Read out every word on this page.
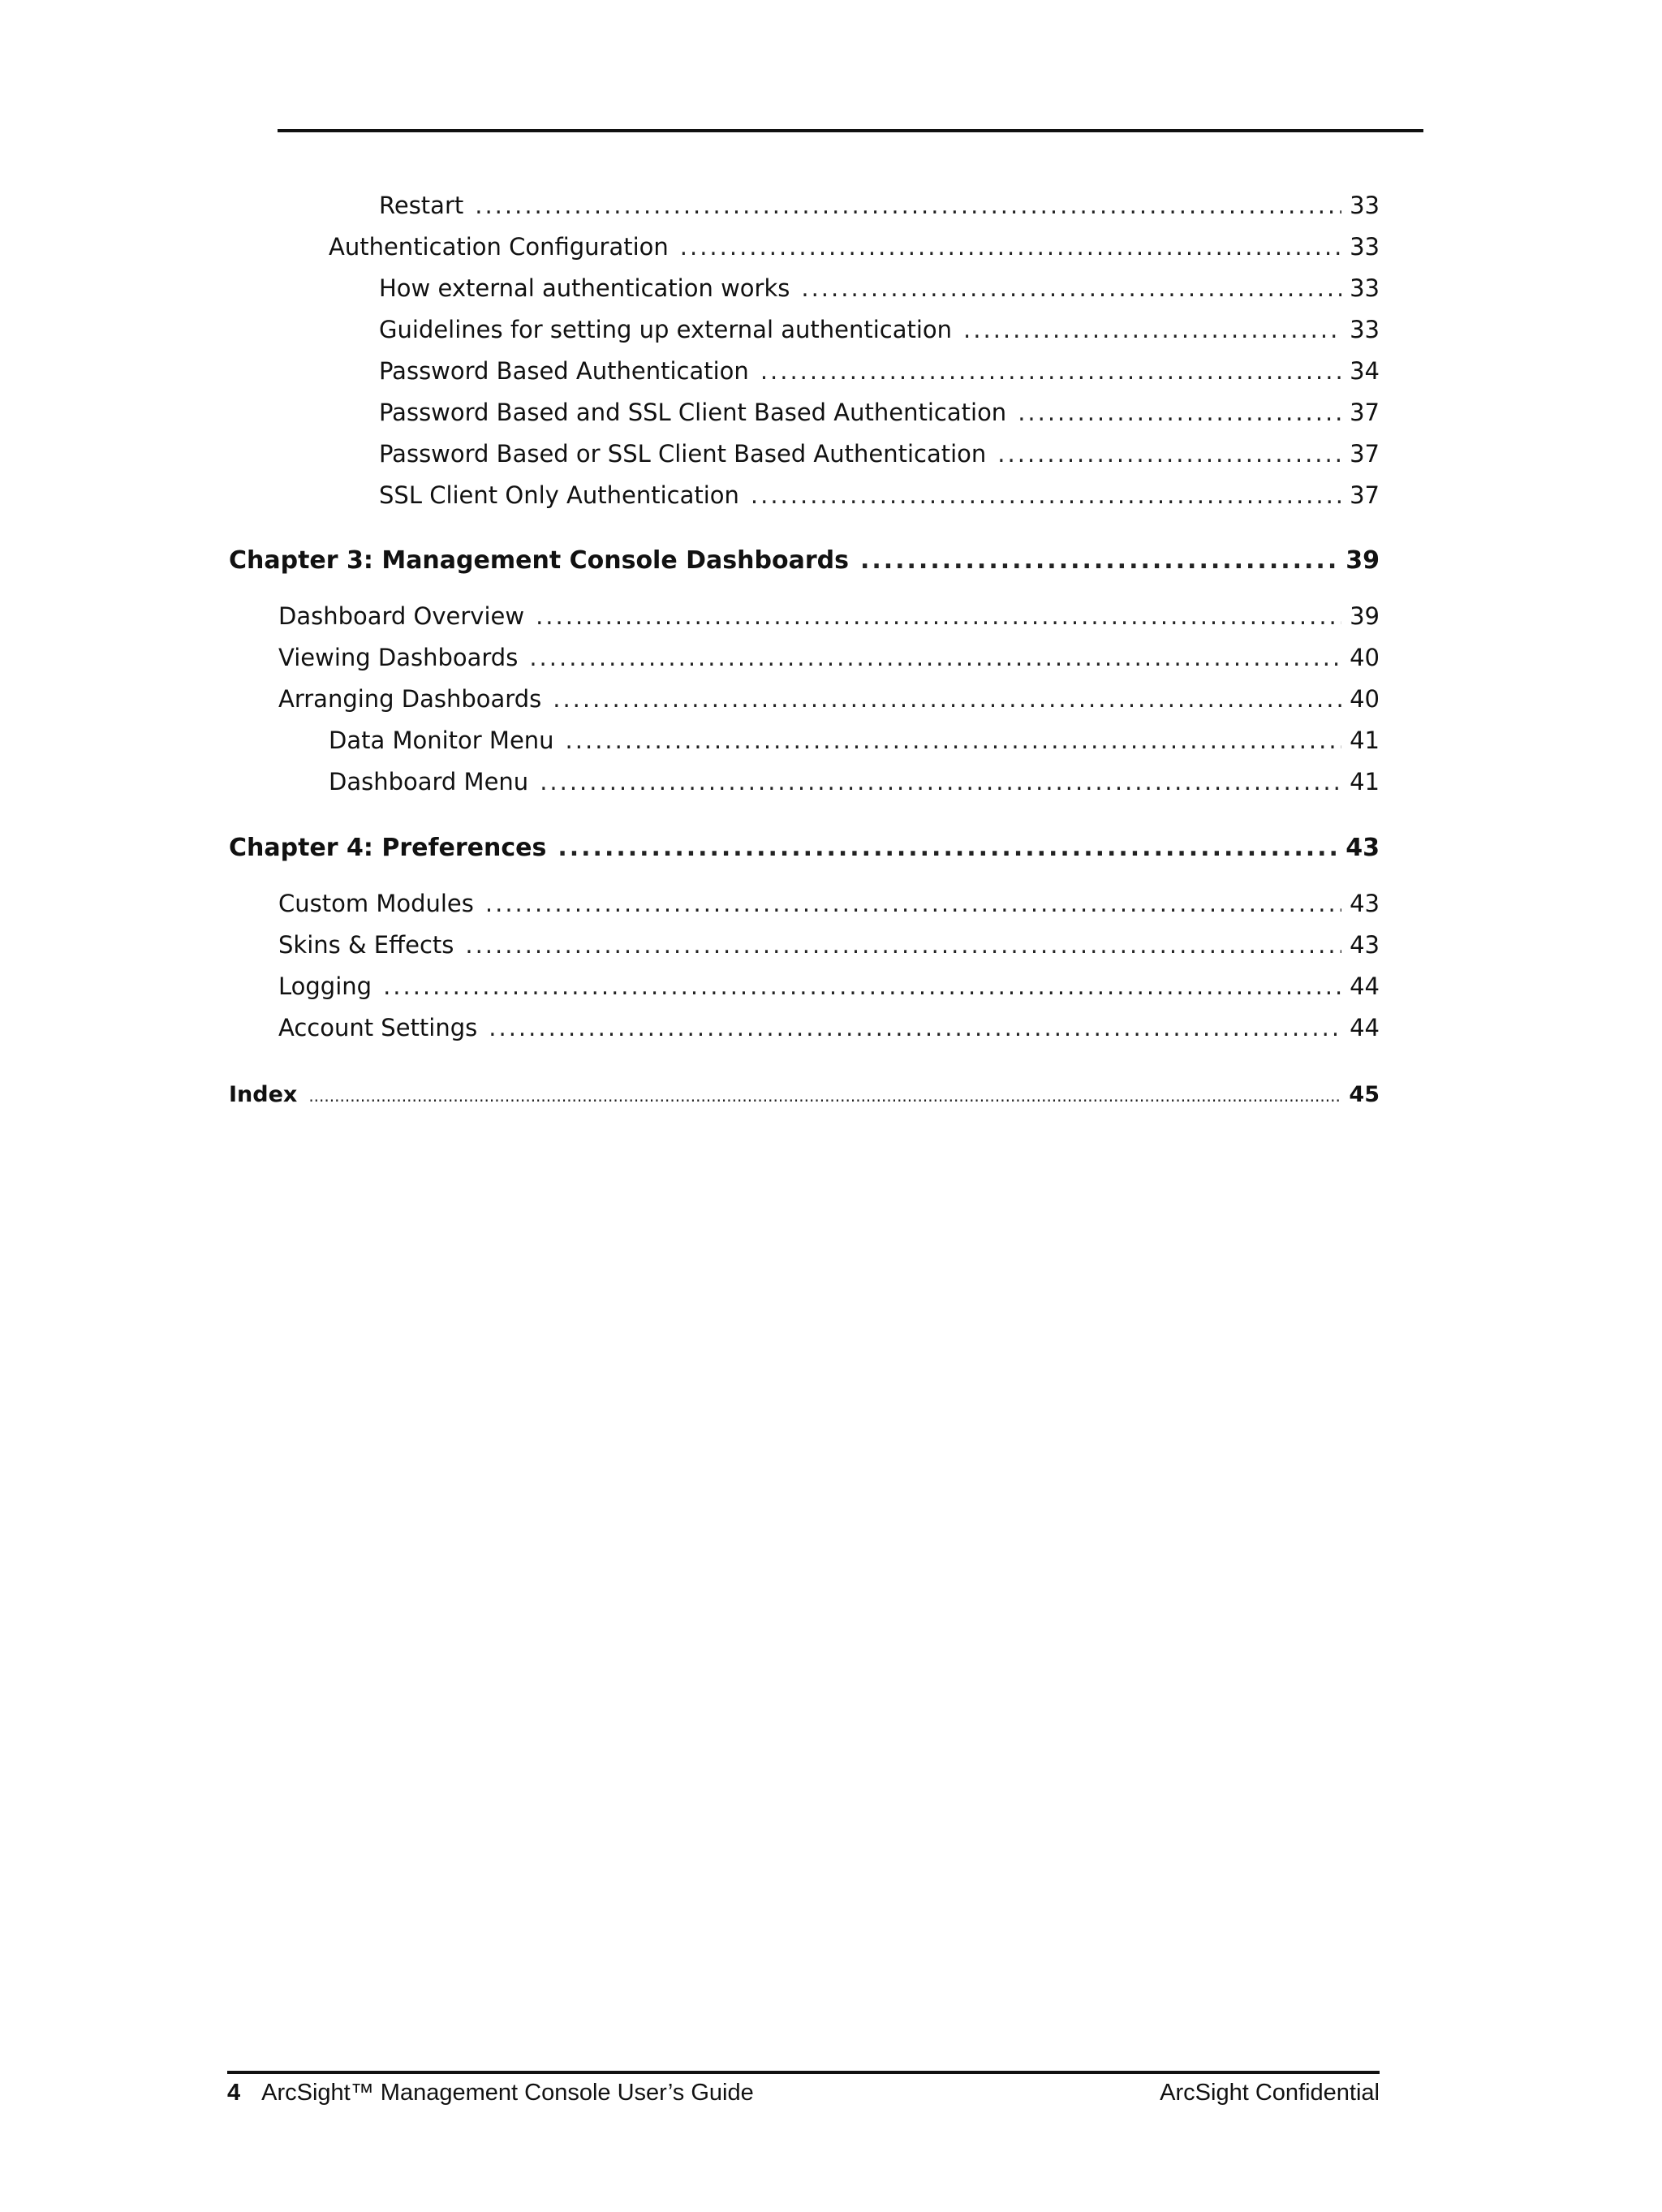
Restart .....	33
Authentication Configuration .....	33
How external authentication works .....	33
Guidelines for setting up external authentication .....	33
Password Based Authentication .....	34
Password Based and SSL Client Based Authentication .....	37
Password Based or SSL Client Based Authentication .....	37
SSL Client Only Authentication .....	37
Chapter 3: Management Console Dashboards .....	39
Dashboard Overview .....	39
Viewing Dashboards .....	40
Arranging Dashboards .....	40
Data Monitor Menu .....	41
Dashboard Menu .....	41
Chapter 4: Preferences .....	43
Custom Modules .....	43
Skins & Effects .....	43
Logging .....	44
Account Settings .....	44
Index .....	45
4 ArcSight™ Management Console User’s Guide	ArcSight Confidential
